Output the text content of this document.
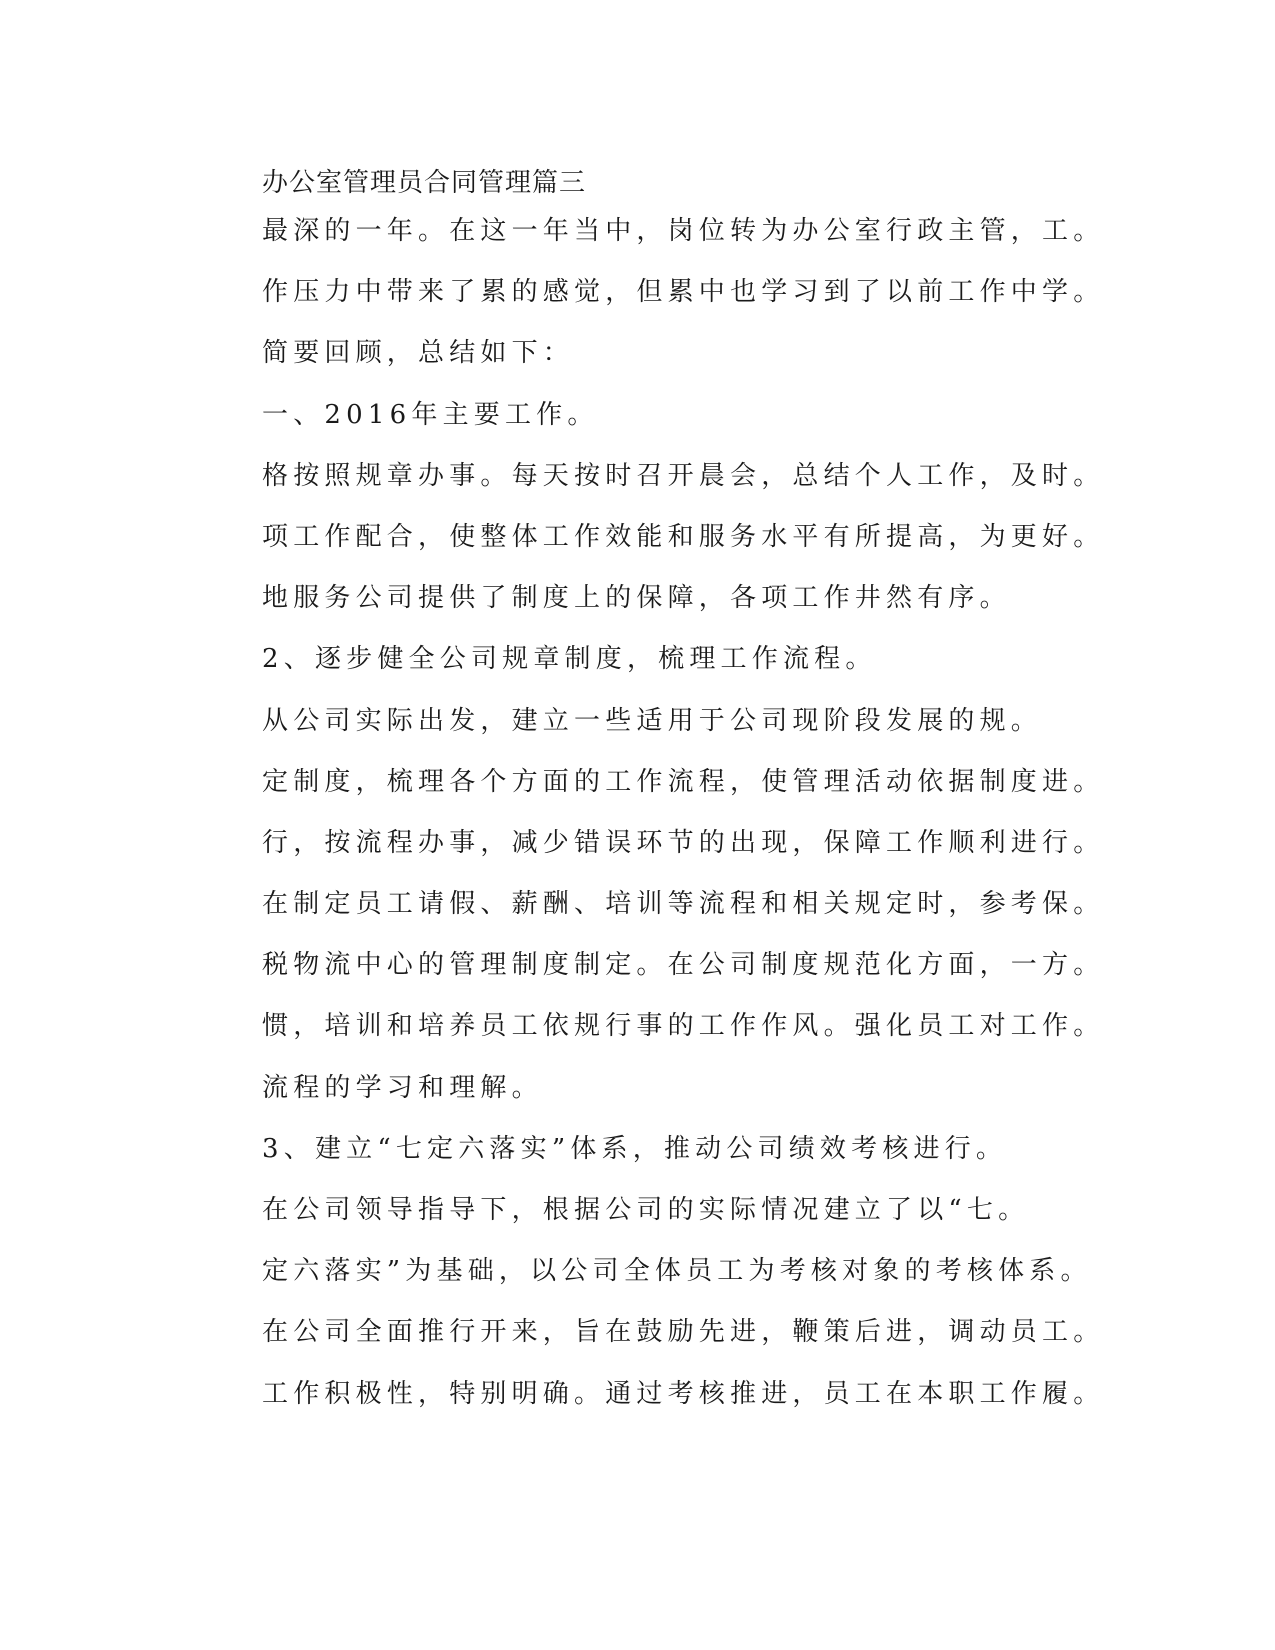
办公室管理员合同管理篇三
最深的一年。在这一年当中，岗位转为办公室行政主管，工。
作压力中带来了累的感觉，但累中也学习到了以前工作中学。
简要回顾，总结如下：
一、2016年主要工作。
格按照规章办事。每天按时召开晨会，总结个人工作，及时。
项工作配合，使整体工作效能和服务水平有所提高，为更好。
地服务公司提供了制度上的保障，各项工作井然有序。
2、逐步健全公司规章制度，梳理工作流程。
从公司实际出发，建立一些适用于公司现阶段发展的规。
定制度，梳理各个方面的工作流程，使管理活动依据制度进。
行，按流程办事，减少错误环节的出现，保障工作顺利进行。
在制定员工请假、薪酬、培训等流程和相关规定时，参考保。
税物流中心的管理制度制定。在公司制度规范化方面，一方。
惯，培训和培养员工依规行事的工作作风。强化员工对工作。
流程的学习和理解。
3、建立“七定六落实”体系，推动公司绩效考核进行。
在公司领导指导下，根据公司的实际情况建立了以“七。
定六落实”为基础，以公司全体员工为考核对象的考核体系。
在公司全面推行开来，旨在鼓励先进，鞭策后进，调动员工。
工作积极性，特别明确。通过考核推进，员工在本职工作履。
